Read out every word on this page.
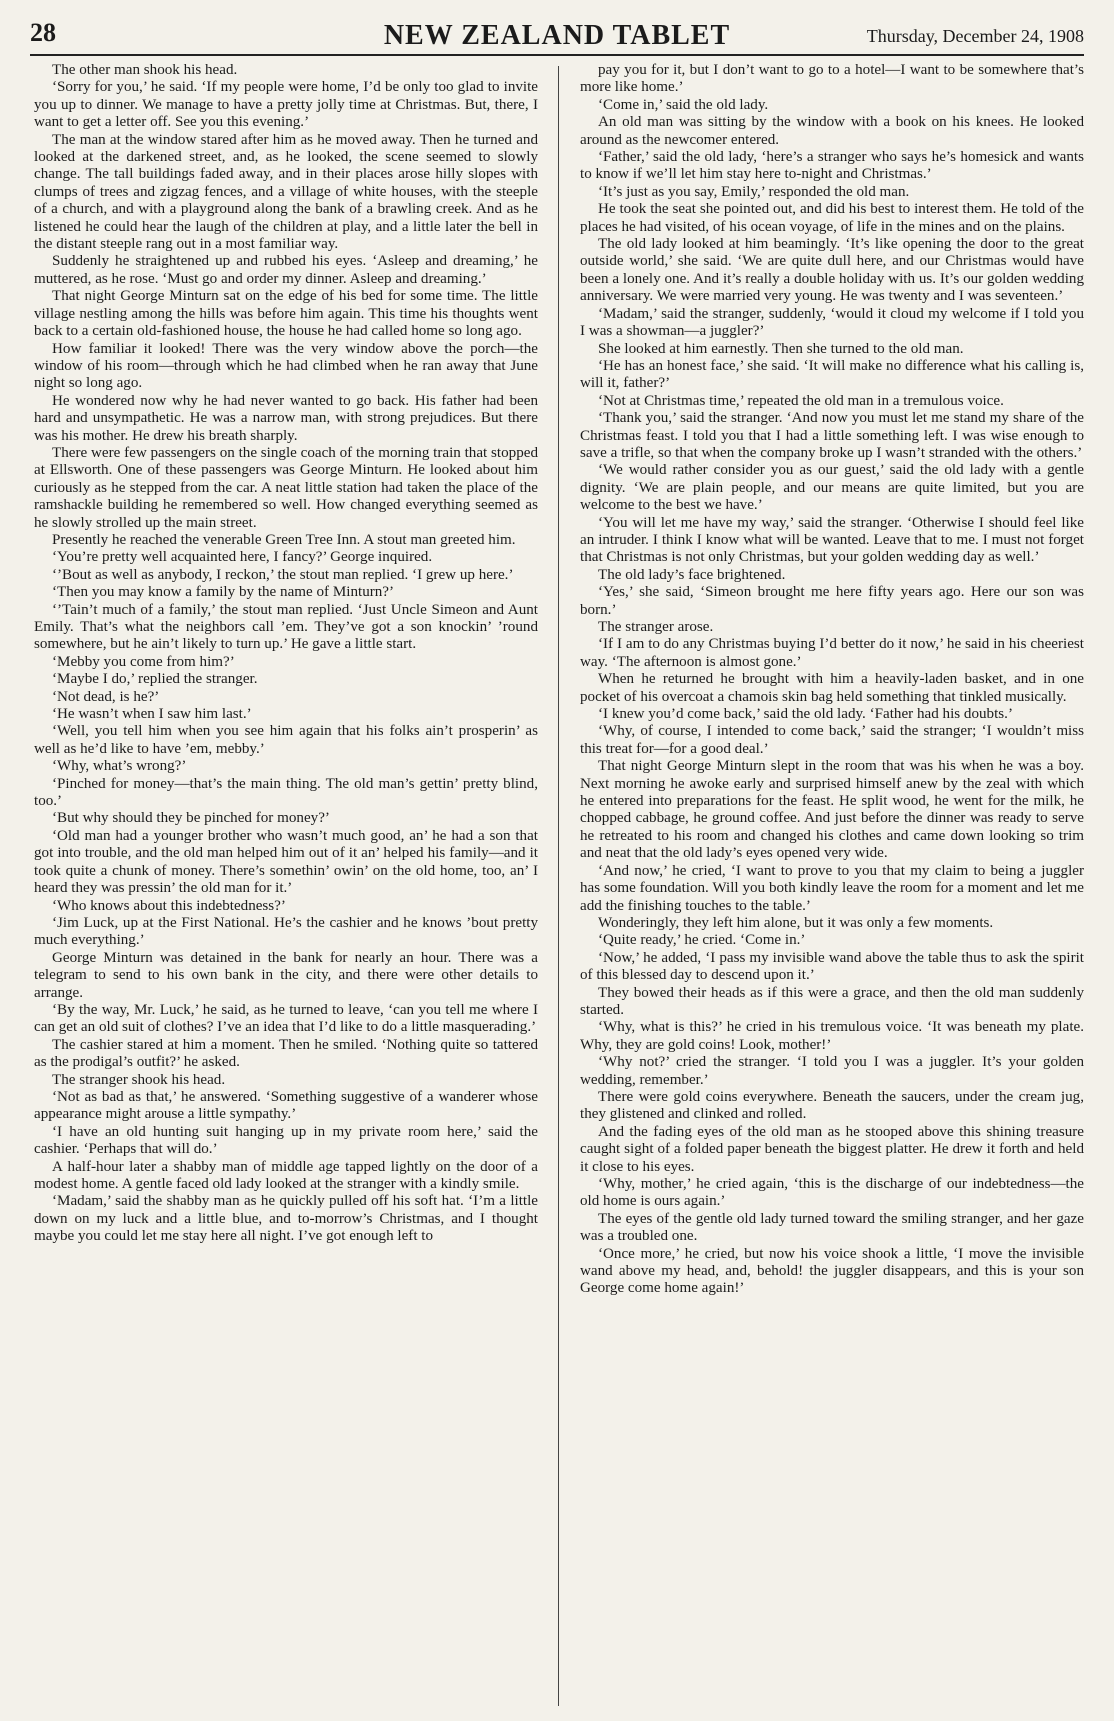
28	NEW ZEALAND TABLET	Thursday, December 24, 1908

The other man shook his head.

‘Sorry for you,’ he said. ‘If my people were home, I’d be only too glad to invite you up to dinner. We manage to have a pretty jolly time at Christmas. But, there, I want to get a letter off. See you this evening.’

The man at the window stared after him as he moved away. Then he turned and looked at the darkened street, and, as he looked, the scene seemed to slowly change. The tall buildings faded away, and in their places arose hilly slopes with clumps of trees and zigzag fences, and a village of white houses, with the steeple of a church, and with a playground along the bank of a brawling creek. And as he listened he could hear the laugh of the children at play, and a little later the bell in the distant steeple rang out in a most familiar way.

Suddenly he straightened up and rubbed his eyes. ‘Asleep and dreaming,’ he muttered, as he rose. ‘Must go and order my dinner. Asleep and dreaming.’

That night George Minturn sat on the edge of his bed for some time. The little village nestling among the hills was before him again. This time his thoughts went back to a certain old-fashioned house, the house he had called home so long ago.

How familiar it looked! There was the very window above the porch—the window of his room—through which he had climbed when he ran away that June night so long ago.

He wondered now why he had never wanted to go back. His father had been hard and unsympathetic. He was a narrow man, with strong prejudices. But there was his mother. He drew his breath sharply.

There were few passengers on the single coach of the morning train that stopped at Ellsworth. One of these passengers was George Minturn. He looked about him curiously as he stepped from the car. A neat little station had taken the place of the ramshackle building he remembered so well. How changed everything seemed as he slowly strolled up the main street.

Presently he reached the venerable Green Tree Inn. A stout man greeted him.

‘You’re pretty well acquainted here, I fancy?’ George inquired.

‘’Bout as well as anybody, I reckon,’ the stout man replied. ‘I grew up here.’

‘Then you may know a family by the name of Minturn?’

‘’Tain’t much of a family,’ the stout man replied. ‘Just Uncle Simeon and Aunt Emily. That’s what the neighbors call ’em. They’ve got a son knockin’ ’round somewhere, but he ain’t likely to turn up.’ He gave a little start.

‘Mebby you come from him?’

‘Maybe I do,’ replied the stranger.

‘Not dead, is he?’

‘He wasn’t when I saw him last.’

‘Well, you tell him when you see him again that his folks ain’t prosperin’ as well as he’d like to have ’em, mebby.’

‘Why, what’s wrong?’

‘Pinched for money—that’s the main thing. The old man’s gettin’ pretty blind, too.’

‘But why should they be pinched for money?’

‘Old man had a younger brother who wasn’t much good, an’ he had a son that got into trouble, and the old man helped him out of it an’ helped his family—and it took quite a chunk of money. There’s somethin’ owin’ on the old home, too, an’ I heard they was pressin’ the old man for it.’

‘Who knows about this indebtedness?’

‘Jim Luck, up at the First National. He’s the cashier and he knows ’bout pretty much everything.’

George Minturn was detained in the bank for nearly an hour. There was a telegram to send to his own bank in the city, and there were other details to arrange.

‘By the way, Mr. Luck,’ he said, as he turned to leave, ‘can you tell me where I can get an old suit of clothes? I’ve an idea that I’d like to do a little masquerading.’

The cashier stared at him a moment. Then he smiled. ‘Nothing quite so tattered as the prodigal’s outfit?’ he asked.

The stranger shook his head.

‘Not as bad as that,’ he answered. ‘Something suggestive of a wanderer whose appearance might arouse a little sympathy.’

‘I have an old hunting suit hanging up in my private room here,’ said the cashier. ‘Perhaps that will do.’

A half-hour later a shabby man of middle age tapped lightly on the door of a modest home. A gentle faced old lady looked at the stranger with a kindly smile.

‘Madam,’ said the shabby man as he quickly pulled off his soft hat. ‘I’m a little down on my luck and a little blue, and to-morrow’s Christmas, and I thought maybe you could let me stay here all night. I’ve got enough left to

pay you for it, but I don’t want to go to a hotel—I want to be somewhere that’s more like home.’

‘Come in,’ said the old lady.

An old man was sitting by the window with a book on his knees. He looked around as the newcomer entered.

‘Father,’ said the old lady, ‘here’s a stranger who says he’s homesick and wants to know if we’ll let him stay here to-night and Christmas.’

‘It’s just as you say, Emily,’ responded the old man.

He took the seat she pointed out, and did his best to interest them. He told of the places he had visited, of his ocean voyage, of life in the mines and on the plains.

The old lady looked at him beamingly. ‘It’s like opening the door to the great outside world,’ she said. ‘We are quite dull here, and our Christmas would have been a lonely one. And it’s really a double holiday with us. It’s our golden wedding anniversary. We were married very young. He was twenty and I was seventeen.’

‘Madam,’ said the stranger, suddenly, ‘would it cloud my welcome if I told you I was a showman—a juggler?’

She looked at him earnestly. Then she turned to the old man.

‘He has an honest face,’ she said. ‘It will make no difference what his calling is, will it, father?’

‘Not at Christmas time,’ repeated the old man in a tremulous voice.

‘Thank you,’ said the stranger. ‘And now you must let me stand my share of the Christmas feast. I told you that I had a little something left. I was wise enough to save a trifle, so that when the company broke up I wasn’t stranded with the others.’

‘We would rather consider you as our guest,’ said the old lady with a gentle dignity. ‘We are plain people, and our means are quite limited, but you are welcome to the best we have.’

‘You will let me have my way,’ said the stranger. ‘Otherwise I should feel like an intruder. I think I know what will be wanted. Leave that to me. I must not forget that Christmas is not only Christmas, but your golden wedding day as well.’

The old lady’s face brightened.

‘Yes,’ she said, ‘Simeon brought me here fifty years ago. Here our son was born.’

The stranger arose.

‘If I am to do any Christmas buying I’d better do it now,’ he said in his cheeriest way. ‘The afternoon is almost gone.’

When he returned he brought with him a heavily-laden basket, and in one pocket of his overcoat a chamois skin bag held something that tinkled musically.

‘I knew you’d come back,’ said the old lady. ‘Father had his doubts.’

‘Why, of course, I intended to come back,’ said the stranger; ‘I wouldn’t miss this treat for—for a good deal.’

That night George Minturn slept in the room that was his when he was a boy. Next morning he awoke early and surprised himself anew by the zeal with which he entered into preparations for the feast. He split wood, he went for the milk, he chopped cabbage, he ground coffee. And just before the dinner was ready to serve he retreated to his room and changed his clothes and came down looking so trim and neat that the old lady’s eyes opened very wide.

‘And now,’ he cried, ‘I want to prove to you that my claim to being a juggler has some foundation. Will you both kindly leave the room for a moment and let me add the finishing touches to the table.’

Wonderingly, they left him alone, but it was only a few moments.

‘Quite ready,’ he cried. ‘Come in.’

‘Now,’ he added, ‘I pass my invisible wand above the table thus to ask the spirit of this blessed day to descend upon it.’

They bowed their heads as if this were a grace, and then the old man suddenly started.

‘Why, what is this?’ he cried in his tremulous voice. ‘It was beneath my plate. Why, they are gold coins! Look, mother!’

‘Why not?’ cried the stranger. ‘I told you I was a juggler. It’s your golden wedding, remember.’

There were gold coins everywhere. Beneath the saucers, under the cream jug, they glistened and clinked and rolled.

And the fading eyes of the old man as he stooped above this shining treasure caught sight of a folded paper beneath the biggest platter. He drew it forth and held it close to his eyes.

‘Why, mother,’ he cried again, ‘this is the discharge of our indebtedness—the old home is ours again.’

The eyes of the gentle old lady turned toward the smiling stranger, and her gaze was a troubled one.

‘Once more,’ he cried, but now his voice shook a little, ‘I move the invisible wand above my head, and, behold! the juggler disappears, and this is your son George come home again!’
